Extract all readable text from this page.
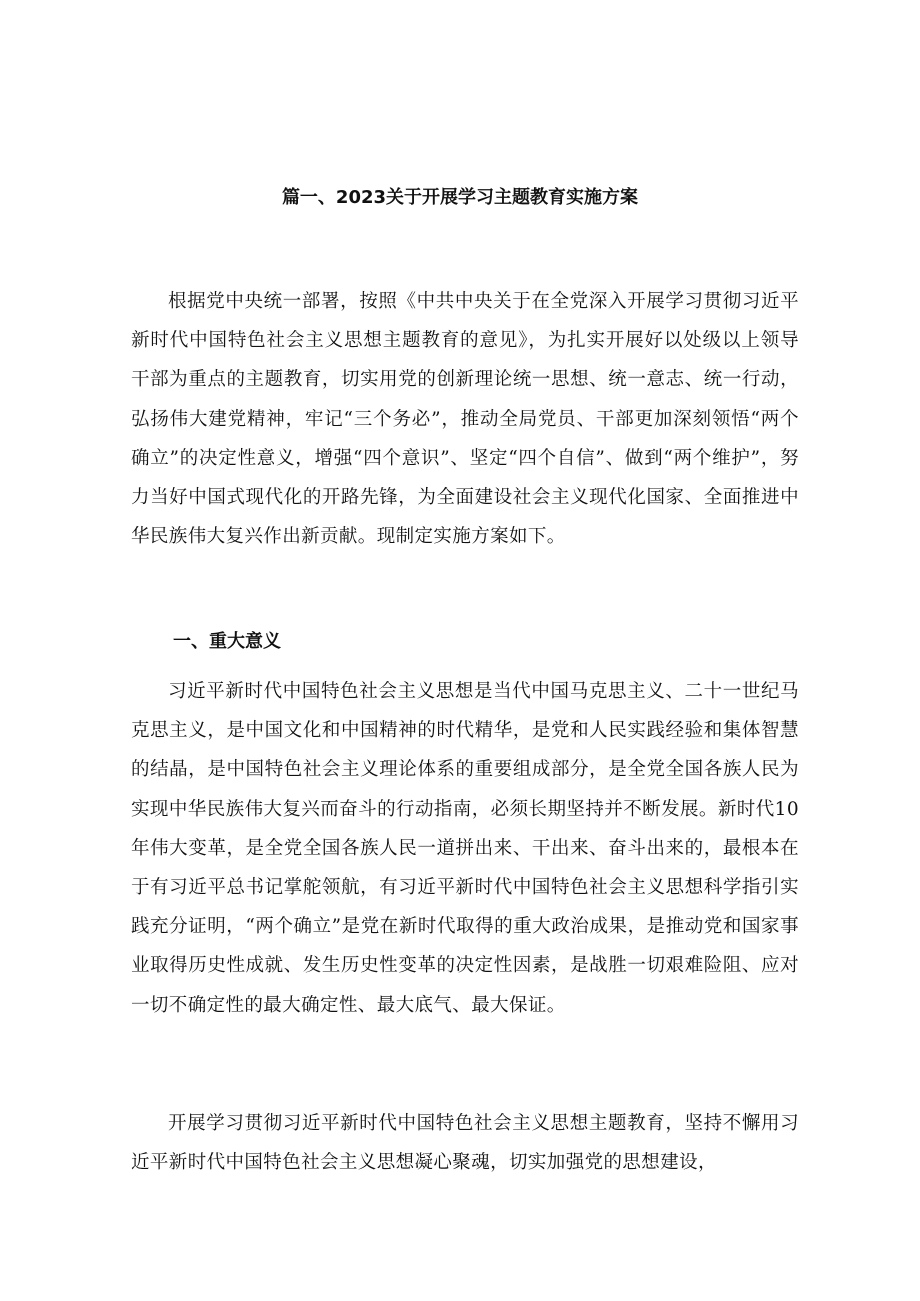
篇一、2023关于开展学习主题教育实施方案

根据党中央统一部署，按照《中共中央关于在全党深入开展学习贯彻习近平新时代中国特色社会主义思想主题教育的意见》，为扎实开展好以处级以上领导干部为重点的主题教育，切实用党的创新理论统一思想、统一意志、统一行动，弘扬伟大建党精神，牢记“三个务必”，推动全局党员、干部更加深刻领悟“两个确立”的决定性意义，增强“四个意识”、坚定“四个自信”、做到“两个维护”，努力当好中国式现代化的开路先锋，为全面建设社会主义现代化国家、全面推进中华民族伟大复兴作出新贡献。现制定实施方案如下。

一、重大意义

习近平新时代中国特色社会主义思想是当代中国马克思主义、二十一世纪马克思主义，是中国文化和中国精神的时代精华，是党和人民实践经验和集体智慧的结晶，是中国特色社会主义理论体系的重要组成部分，是全党全国各族人民为实现中华民族伟大复兴而奋斗的行动指南，必须长期坚持并不断发展。新时代10年伟大变革，是全党全国各族人民一道拼出来、干出来、奋斗出来的，最根本在于有习近平总书记掌舵领航，有习近平新时代中国特色社会主义思想科学指引实践充分证明，“两个确立”是党在新时代取得的重大政治成果，是推动党和国家事业取得历史性成就、发生历史性变革的决定性因素，是战胜一切艰难险阻、应对一切不确定性的最大确定性、最大底气、最大保证。

开展学习贯彻习近平新时代中国特色社会主义思想主题教育，坚持不懈用习近平新时代中国特色社会主义思想凝心聚魂，切实加强党的思想建设，
